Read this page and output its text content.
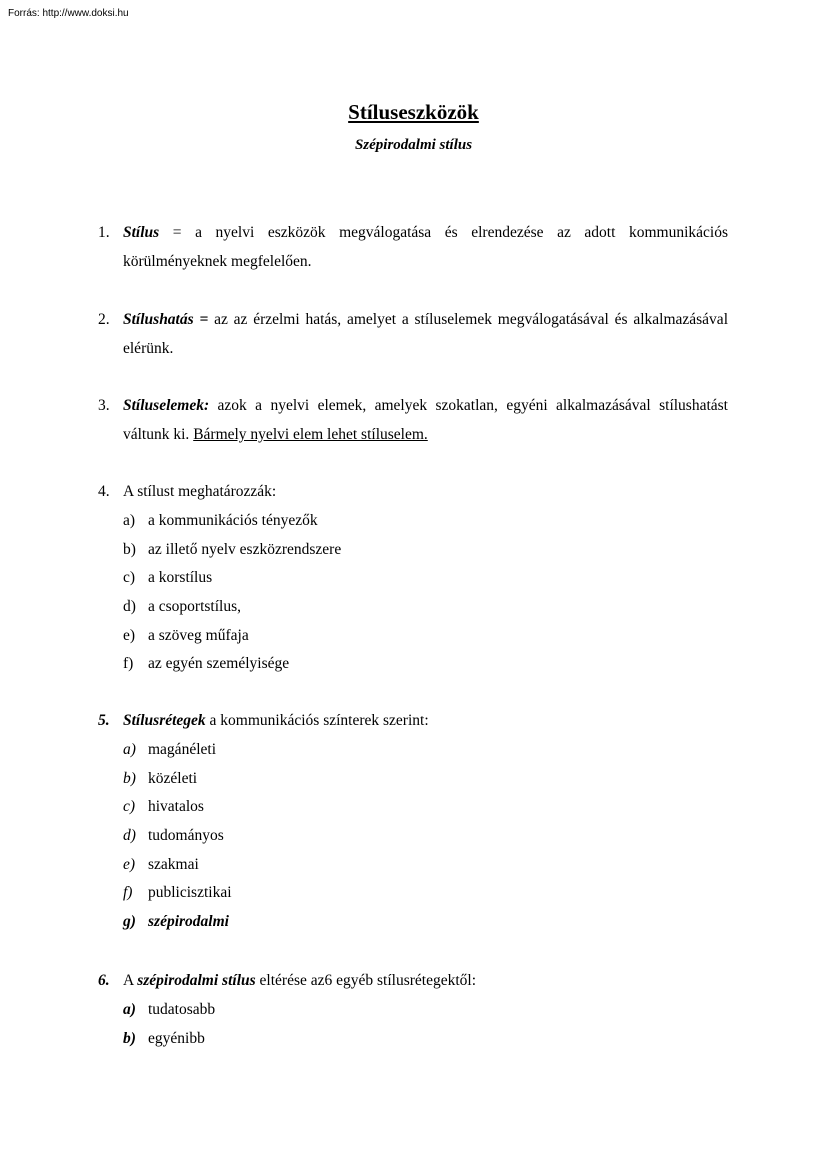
Forrás: http://www.doksi.hu
Stíluseszközök
Szépirodalmi stílus
1. Stílus = a nyelvi eszközök megválogatása és elrendezése az adott kommunikációs körülményeknek megfelelően.
2. Stílushatás = az az érzelmi hatás, amelyet a stíluselemek megválogatásával és alkalmazásával elérünk.
3. Stíluselemek: azok a nyelvi elemek, amelyek szokatlan, egyéni alkalmazásával stílushatást váltunk ki. Bármely nyelvi elem lehet stíluselem.
4. A stílust meghatározzák:
a) a kommunikációs tényezők
b) az illető nyelv eszközrendszere
c) a korstílus
d) a csoportstílus,
e) a szöveg műfaja
f) az egyén személyisége
5. Stílusrétegek a kommunikációs színterek szerint:
a) magánéleti
b) közéleti
c) hivatalos
d) tudományos
e) szakmai
f) publicisztikai
g) szépirodalmi
6. A szépirodalmi stílus eltérése az6 egyéb stílusrétegektől:
a) tudatosabb
b) egyénibb
